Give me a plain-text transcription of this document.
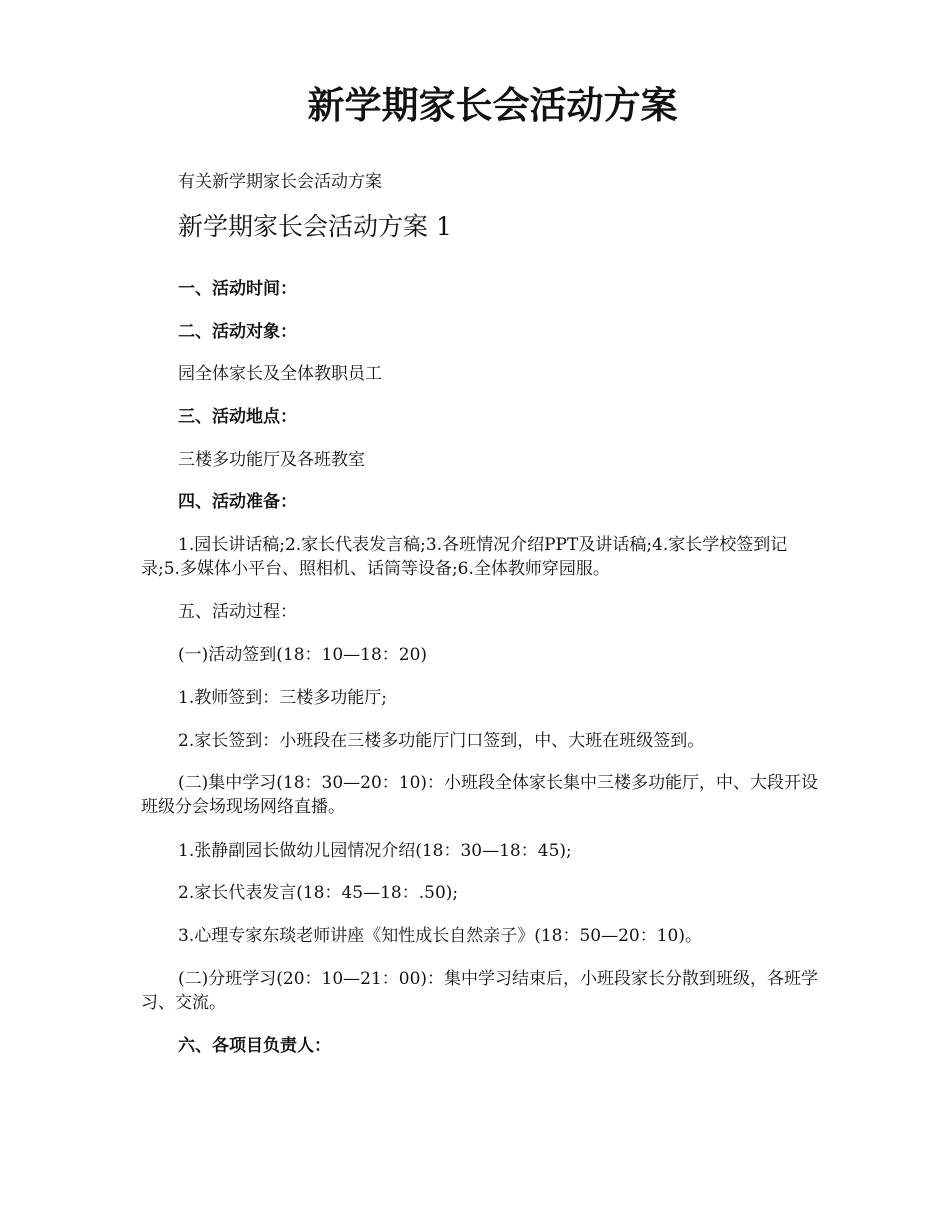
新学期家长会活动方案

有关新学期家长会活动方案

新学期家长会活动方案 1

一、活动时间：

二、活动对象：

园全体家长及全体教职员工

三、活动地点：

三楼多功能厅及各班教室

四、活动准备：

1.园长讲话稿;2.家长代表发言稿;3.各班情况介绍PPT及讲话稿;4.家长学校签到记录;5.多媒体小平台、照相机、话筒等设备;6.全体教师穿园服。

五、活动过程：

(一)活动签到(18：10—18：20)

1.教师签到：三楼多功能厅;

2.家长签到：小班段在三楼多功能厅门口签到，中、大班在班级签到。

(二)集中学习(18：30—20：10)：小班段全体家长集中三楼多功能厅，中、大段开设班级分会场现场网络直播。

1.张静副园长做幼儿园情况介绍(18：30—18：45);

2.家长代表发言(18：45—18：.50);

3.心理专家东琰老师讲座《知性成长自然亲子》(18：50—20：10)。

(二)分班学习(20：10—21：00)：集中学习结束后，小班段家长分散到班级，各班学习、交流。

六、各项目负责人：
